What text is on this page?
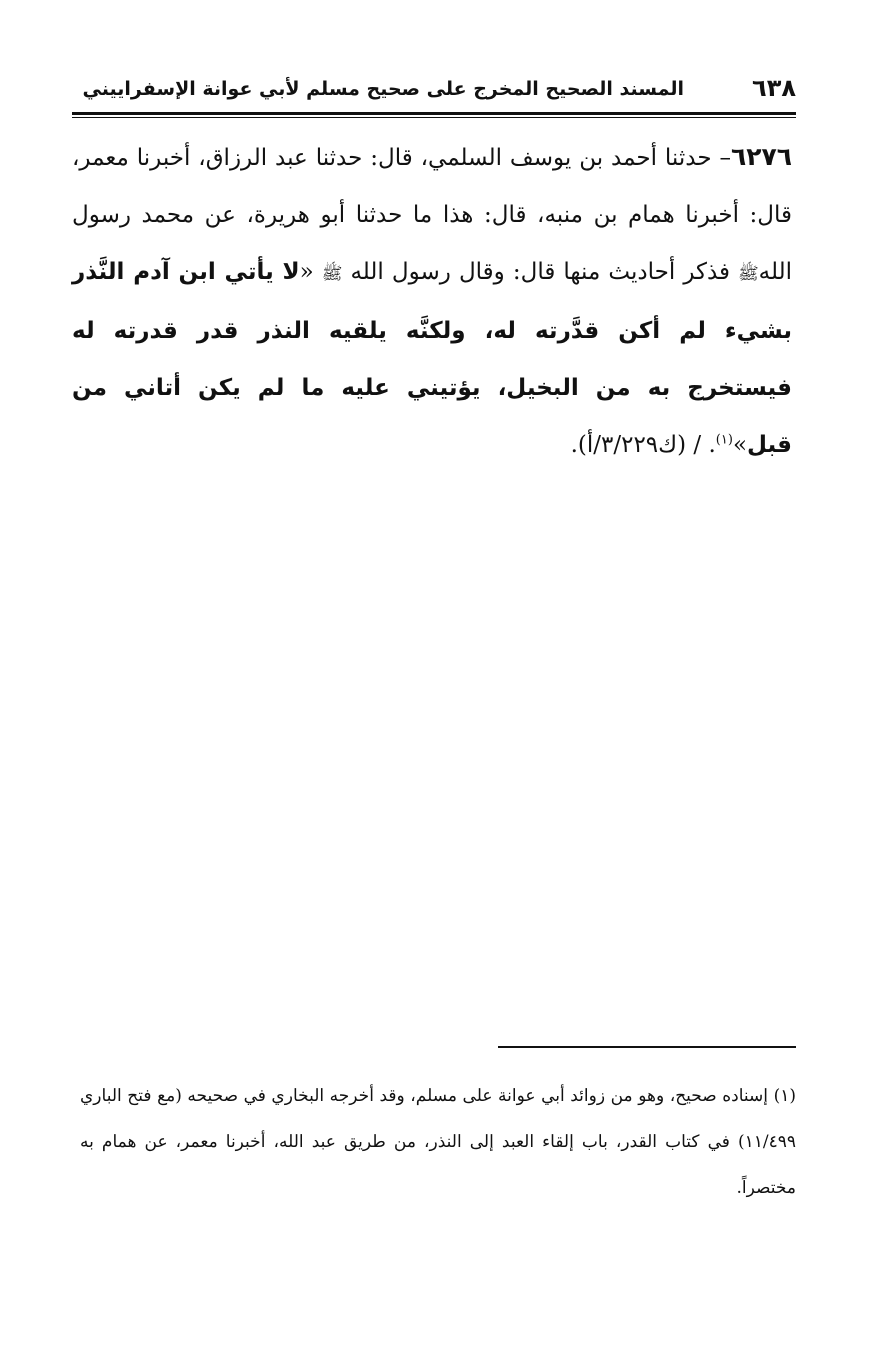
٦٣٨
المسند الصحيح المخرج على صحيح مسلم لأبي عوانة الإسفراييني
٦٢٧٦– حدثنا أحمد بن يوسف السلمي، قال: حدثنا عبد الرزاق، أخبرنا معمر، قال: أخبرنا همام بن منبه، قال: هذا ما حدثنا أبو هريرة، عن محمد رسول اللهﷺ فذكر أحاديث منها قال: وقال رسول الله ﷺ «لا يأتي ابن آدم النَّذر بشيء لم أكن قدَّرته له، ولكنَّه يلقيه النذر قدر قدرته له فيستخرج به من البخيل، يؤتيني عليه ما لم يكن أتاني من قبل»$^{(١)}$. / (ك٣/٢٢٩/أ).
(١) إسناده صحيح، وهو من زوائد أبي عوانة على مسلم، وقد أخرجه البخاري في صحيحه (مع فتح الباري ١١/٤٩٩) في كتاب القدر، باب إلقاء العبد إلى النذر، من طريق عبد الله، أخبرنا معمر، عن همام به مختصراً.
